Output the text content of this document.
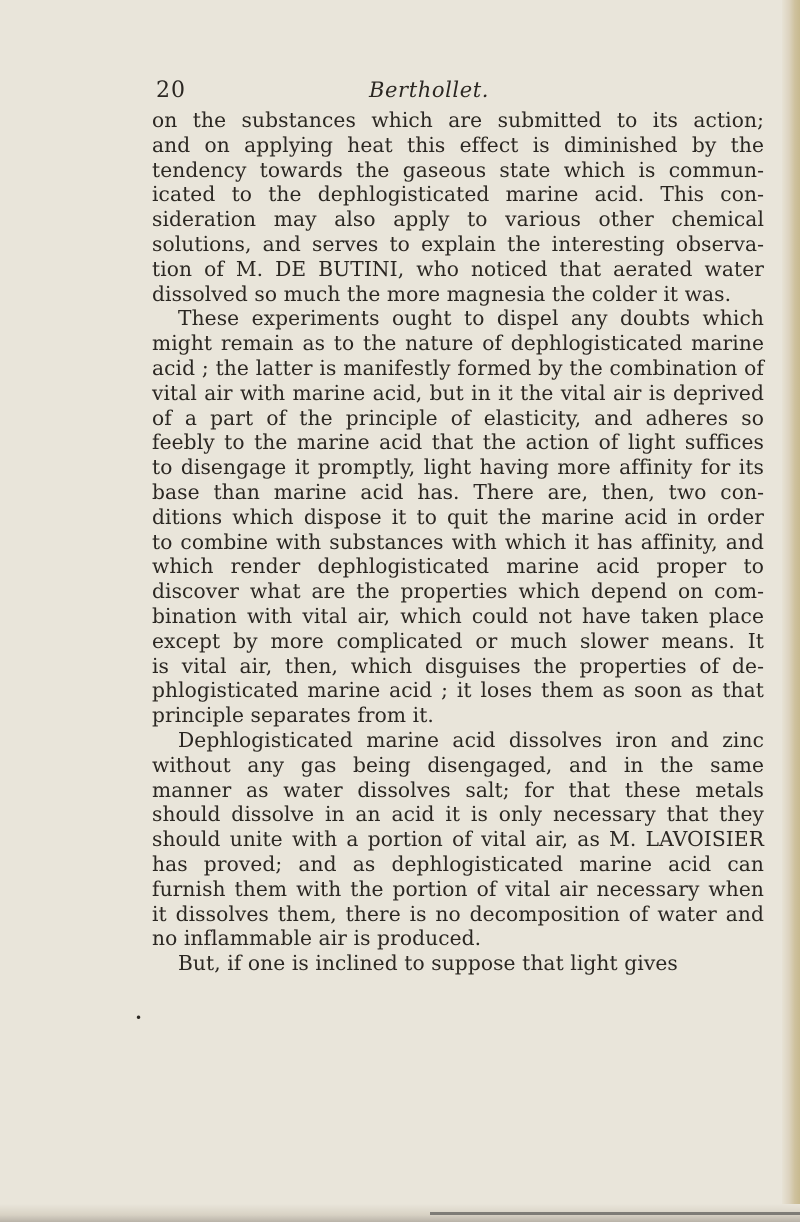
20	Berthollet.
on the substances which are submitted to its action;
and on applying heat this effect is diminished by the
tendency towards the gaseous state which is commun-
icated to the dephlogisticated marine acid. This con-
sideration may also apply to various other chemical
solutions, and serves to explain the interesting observa-
tion of M. DE BUTINI, who noticed that aerated water
dissolved so much the more magnesia the colder it was.
These experiments ought to dispel any doubts which
might remain as to the nature of dephlogisticated marine
acid ; the latter is manifestly formed by the combination of
vital air with marine acid, but in it the vital air is deprived
of a part of the principle of elasticity, and adheres so
feebly to the marine acid that the action of light suffices
to disengage it promptly, light having more affinity for its
base than marine acid has. There are, then, two con-
ditions which dispose it to quit the marine acid in order
to combine with substances with which it has affinity, and
which render dephlogisticated marine acid proper to
discover what are the properties which depend on com-
bination with vital air, which could not have taken place
except by more complicated or much slower means. It
is vital air, then, which disguises the properties of de-
phlogisticated marine acid ; it loses them as soon as that
principle separates from it.
Dephlogisticated marine acid dissolves iron and zinc
without any gas being disengaged, and in the same
manner as water dissolves salt; for that these metals
should dissolve in an acid it is only necessary that they
should unite with a portion of vital air, as M. LAVOISIER
has proved; and as dephlogisticated marine acid can
furnish them with the portion of vital air necessary when
it dissolves them, there is no decomposition of water and
no inflammable air is produced.
But, if one is inclined to suppose that light gives
•
